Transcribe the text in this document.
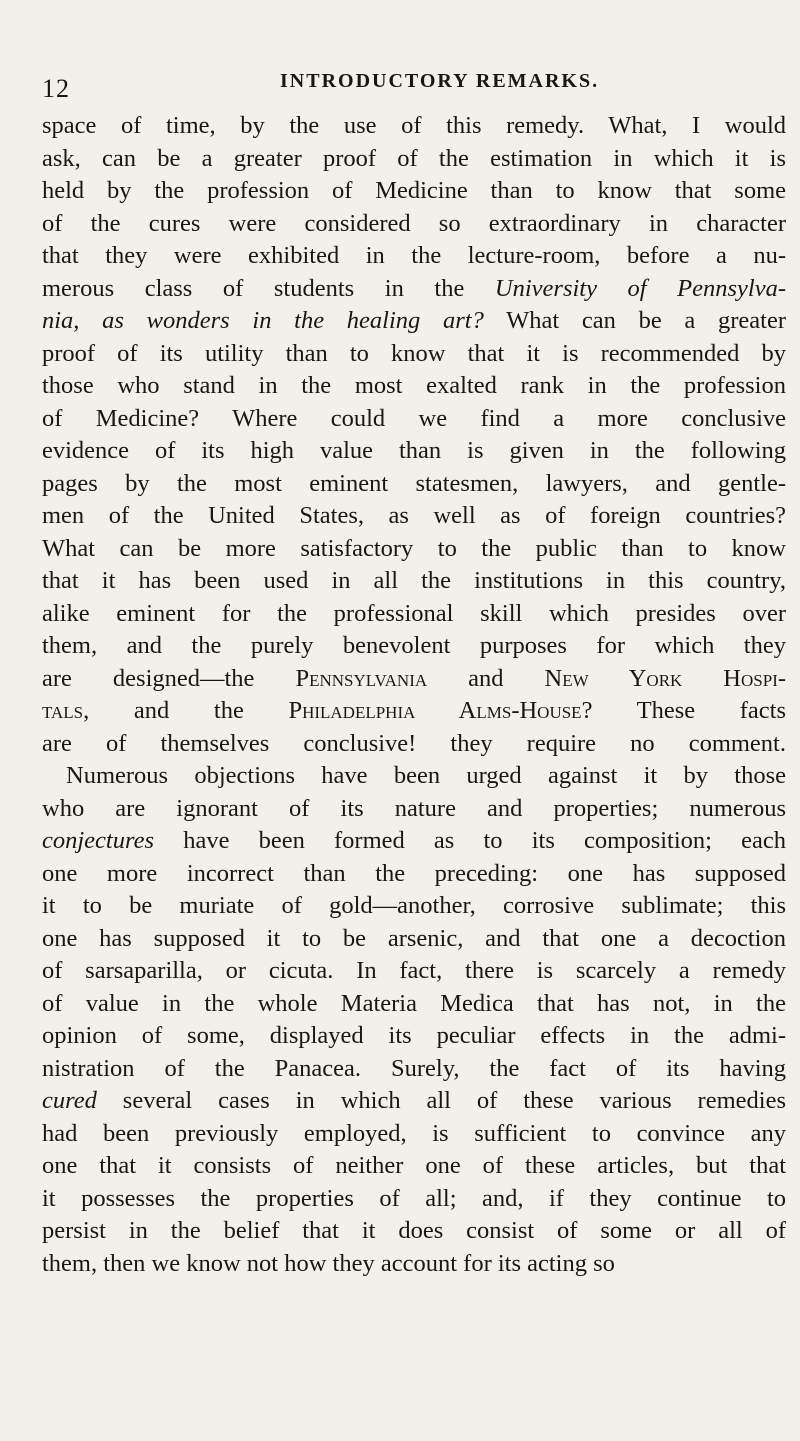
12	INTRODUCTORY REMARKS.
space of time, by the use of this remedy. What, I would
ask, can be a greater proof of the estimation in which it is
held by the profession of Medicine than to know that some
of the cures were considered so extraordinary in character
that they were exhibited in the lecture-room, before a nu-
merous class of students in the University of Pennsylva-
nia, as wonders in the healing art? What can be a greater
proof of its utility than to know that it is recommended by
those who stand in the most exalted rank in the profession
of Medicine? Where could we find a more conclusive
evidence of its high value than is given in the following
pages by the most eminent statesmen, lawyers, and gentle-
men of the United States, as well as of foreign countries?
What can be more satisfactory to the public than to know
that it has been used in all the institutions in this country,
alike eminent for the professional skill which presides over
them, and the purely benevolent purposes for which they
are designed—the Pennsylvania and New York Hospi-
tals, and the Philadelphia Alms-House? These facts
are of themselves conclusive! they require no comment.
Numerous objections have been urged against it by those
who are ignorant of its nature and properties; numerous
conjectures have been formed as to its composition; each
one more incorrect than the preceding: one has supposed
it to be muriate of gold—another, corrosive sublimate; this
one has supposed it to be arsenic, and that one a decoction
of sarsaparilla, or cicuta. In fact, there is scarcely a remedy
of value in the whole Materia Medica that has not, in the
opinion of some, displayed its peculiar effects in the admi-
nistration of the Panacea. Surely, the fact of its having
cured several cases in which all of these various remedies
had been previously employed, is sufficient to convince any
one that it consists of neither one of these articles, but that
it possesses the properties of all; and, if they continue to
persist in the belief that it does consist of some or all of
them, then we know not how they account for its acting so
